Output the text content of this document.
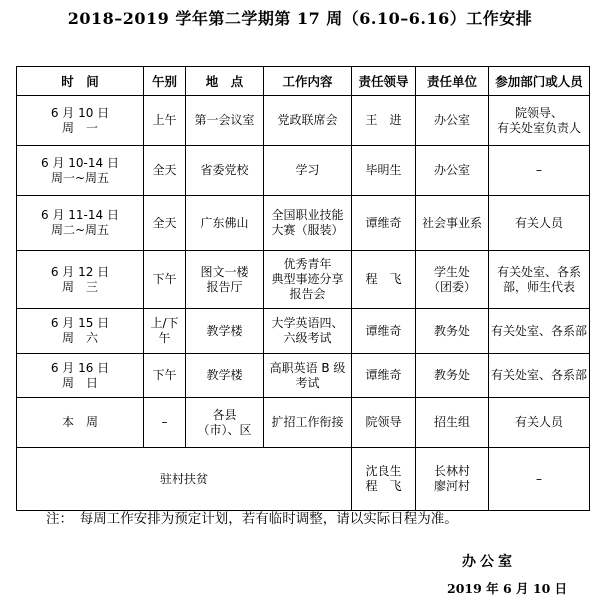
2018–2019 学年第二学期第 17 周（6.10–6.16）工作安排
时　间	午别	地　点	工作内容	责任领导	责任单位	参加部门或人员

6 月 10 日
周　一	上午	第一会议室	党政联席会	王　进	办公室	院领导、
有关处室负责人

6 月 10-14 日
周一~周五	全天	省委党校	学习	毕明生	办公室	–

6 月 11-14 日
周二~周五	全天	广东佛山	全国职业技能
大赛（服装）	谭维奇	社会事业系	有关人员

6 月 12 日
周　三	下午	图文一楼
报告厅	优秀青年
典型事迹分享
报告会	程　飞	学生处
（团委）	有关处室、各系
部，师生代表

6 月 15 日
周　六	上/下
午	教学楼	大学英语四、
六级考试	谭维奇	教务处	有关处室、各系部

6 月 16 日
周　日	下午	教学楼	高职英语 B 级
考试	谭维奇	教务处	有关处室、各系部

本　周	–	各县
（市）、区	扩招工作衔接	院领导	招生组	有关人员

驻村扶贫				沈良生
程　飞	长林村
廖河村	–
注：　每周工作安排为预定计划，若有临时调整，请以实际日程为准。
办公室
2019 年 6 月 10 日
